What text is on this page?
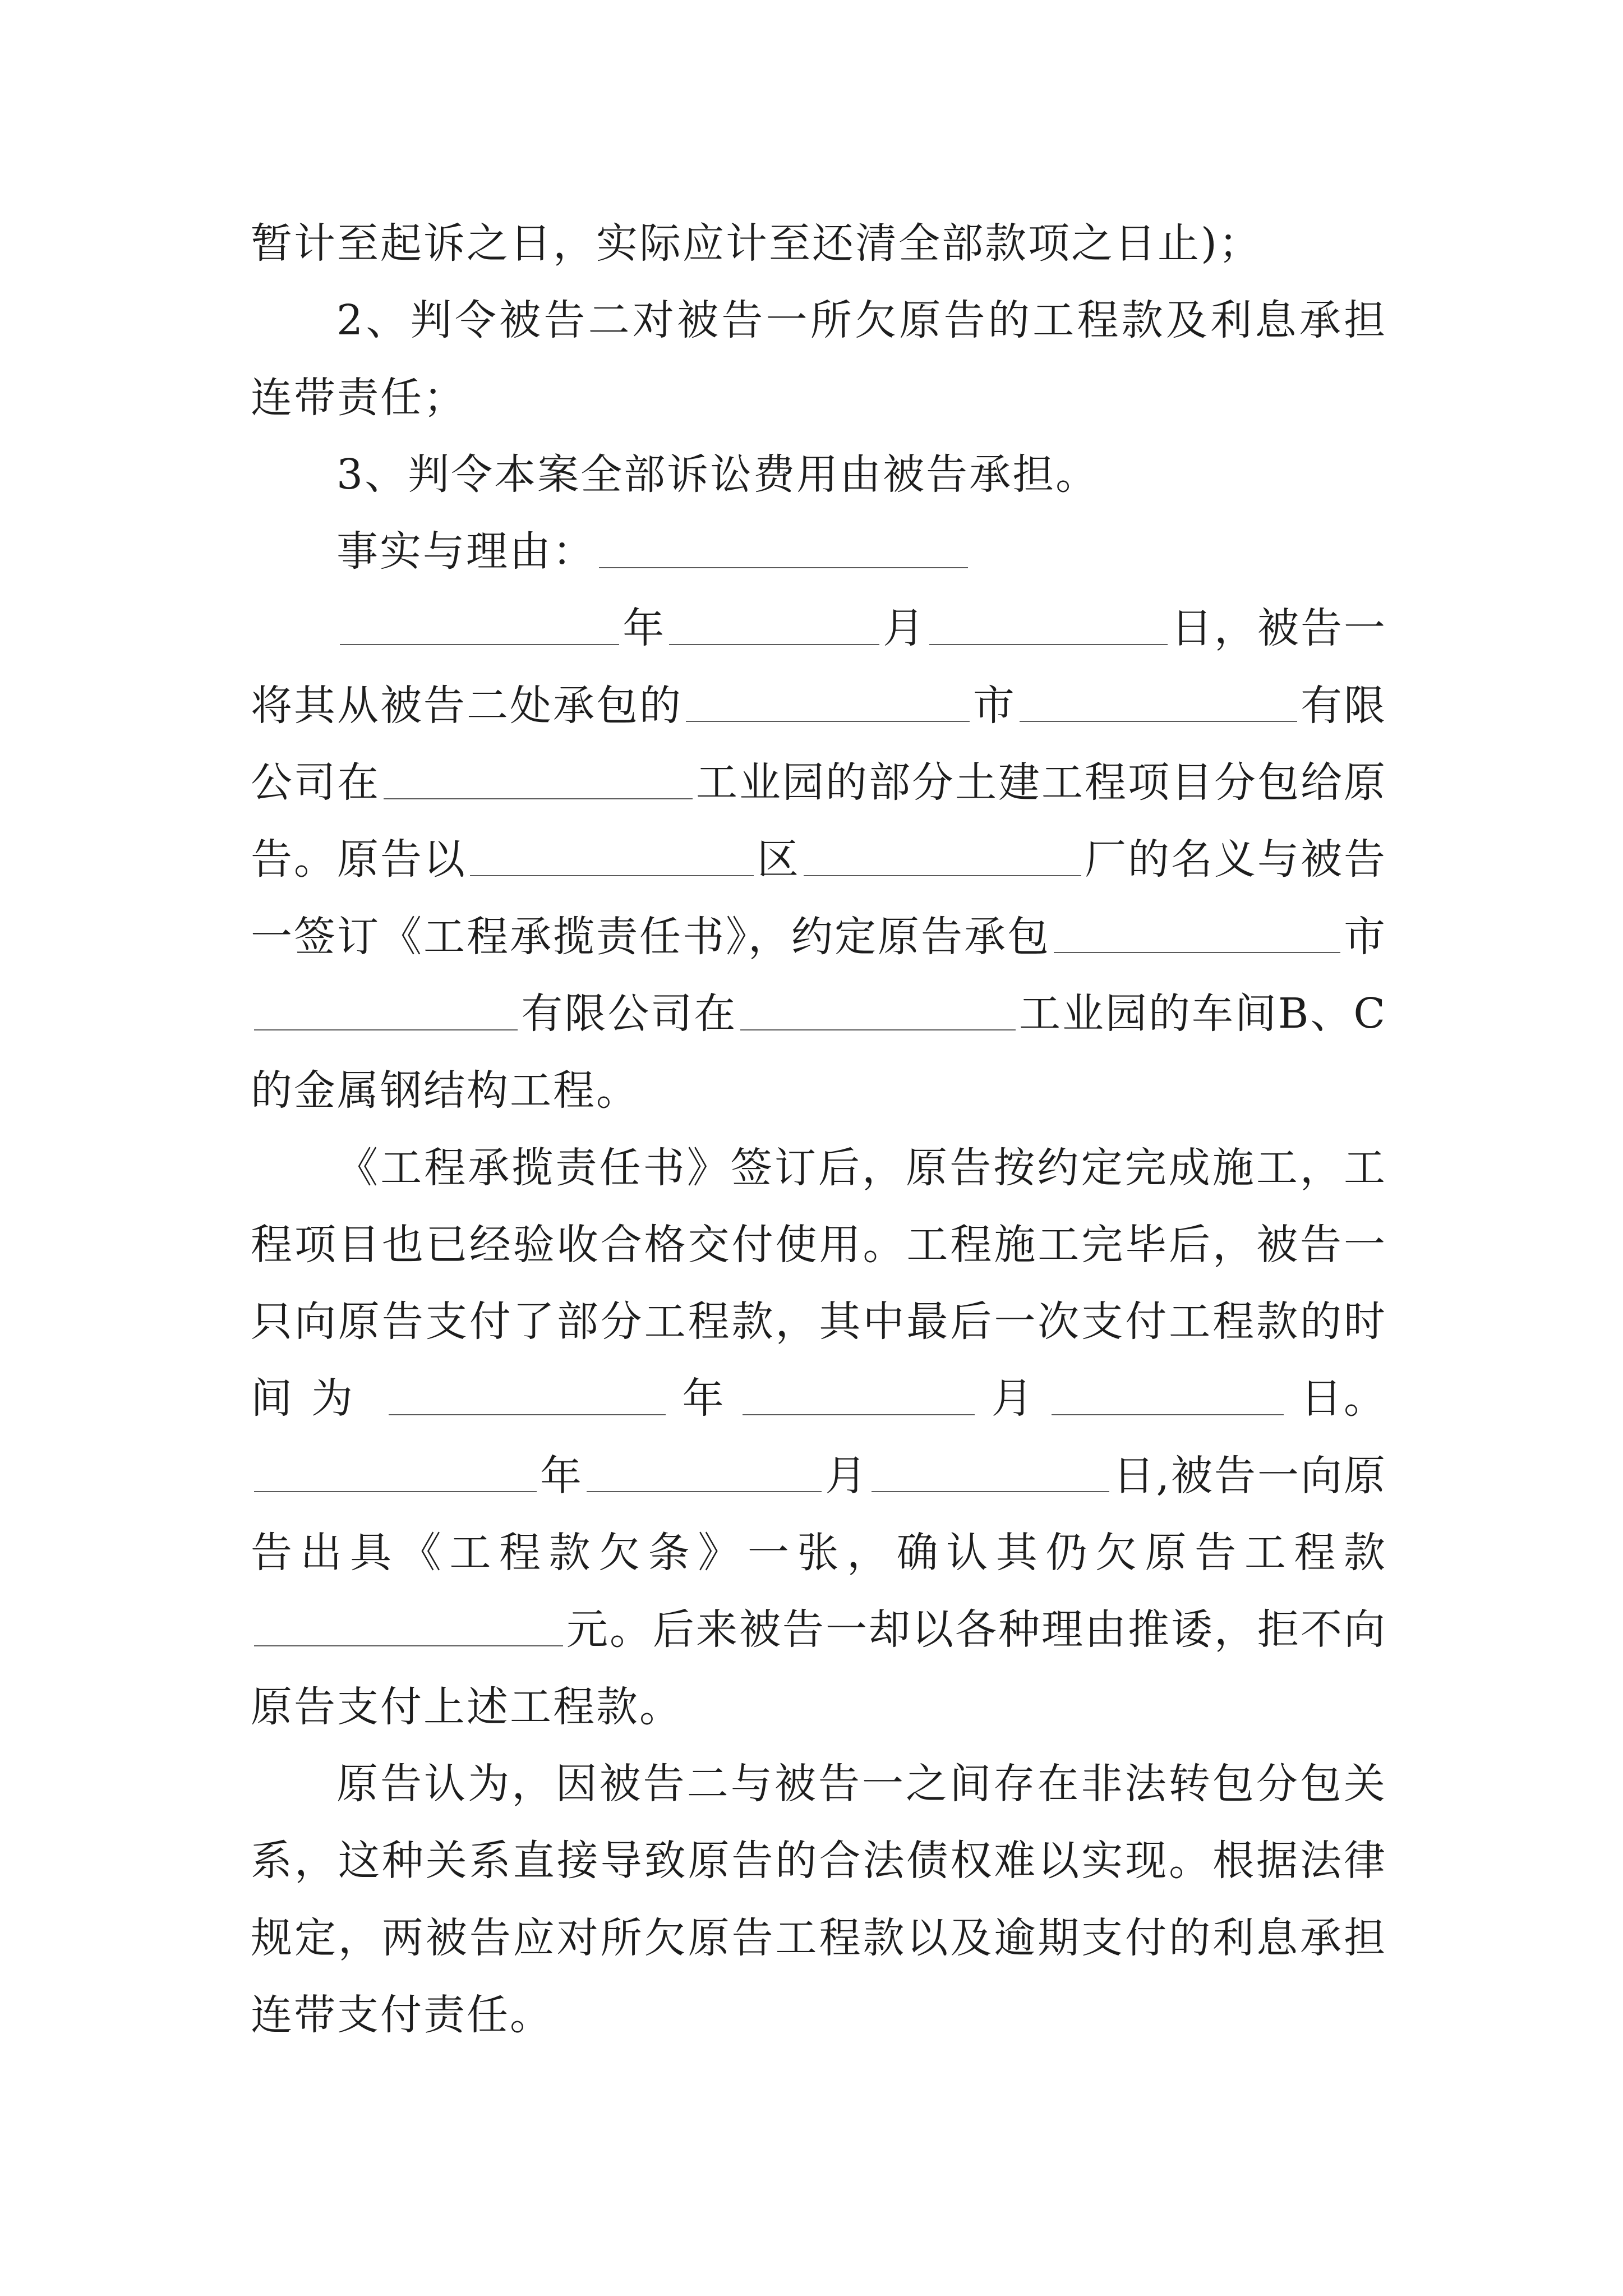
暂计至起诉之日，实际应计至还清全部款项之日止)；
2、判令被告二对被告一所欠原告的工程款及利息承担
连带责任；
3、判令本案全部诉讼费用由被告承担。
事实与理由：
年	月	日，被告一
将其从被告二处承包的	市	有限
公司在	工业园的部分土建工程项目分包给原
告。原告以	区	厂的名义与被告
一签订《工程承揽责任书》，约定原告承包	市
有限公司在	工业园的车间B、C
的金属钢结构工程。
《工程承揽责任书》签订后，原告按约定完成施工，工
程项目也已经验收合格交付使用。工程施工完毕后，被告一
只向原告支付了部分工程款，其中最后一次支付工程款的时
间为	年	月	日。
年	月	日,被告一向原
告出具《工程款欠条》一张，确认其仍欠原告工程款
元。后来被告一却以各种理由推诿，拒不向
原告支付上述工程款。
原告认为，因被告二与被告一之间存在非法转包分包关
系，这种关系直接导致原告的合法债权难以实现。根据法律
规定，两被告应对所欠原告工程款以及逾期支付的利息承担
连带支付责任。
